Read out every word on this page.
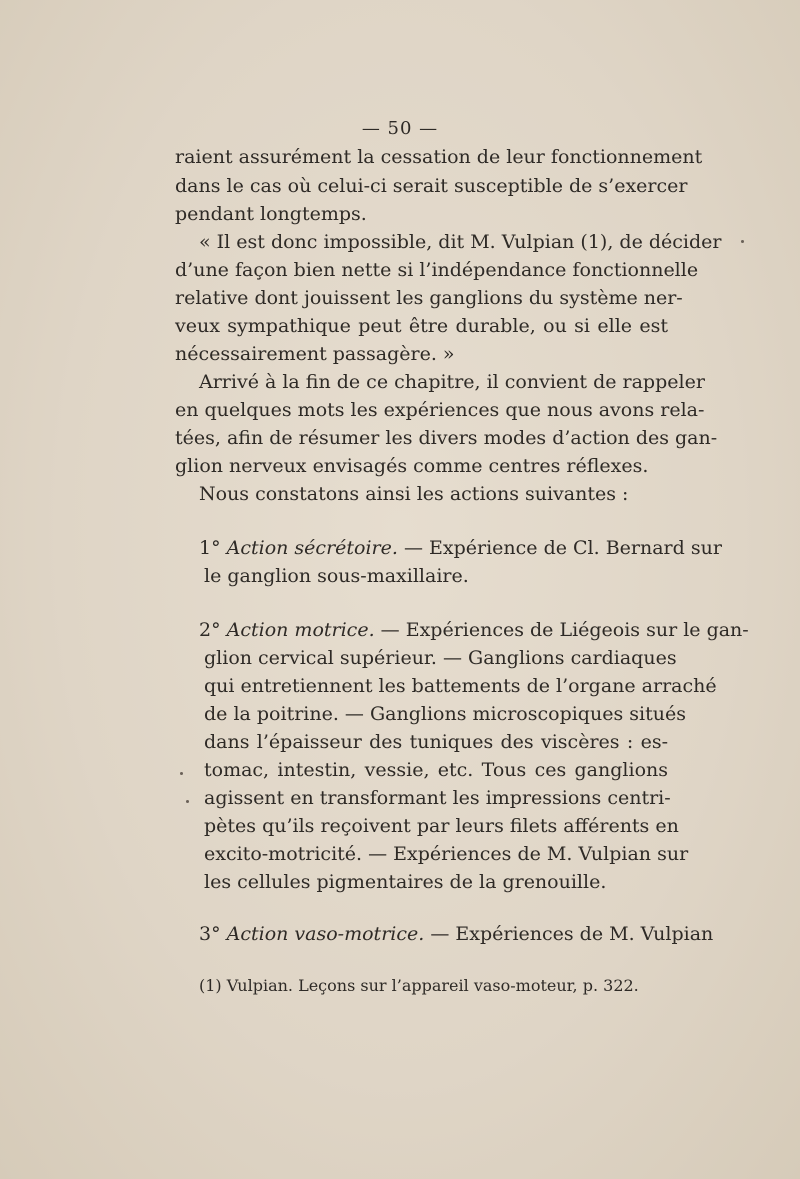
— 50 —
raient assurément la cessation de leur fonctionnement
dans le cas où celui-ci serait susceptible de s’exercer
pendant longtemps.
« Il est donc impossible, dit M. Vulpian (1), de décider
d’une façon bien nette si l’indépendance fonctionnelle
relative dont jouissent les ganglions du système ner-
veux sympathique peut être durable, ou si elle est
nécessairement passagère. »
Arrivé à la fin de ce chapitre, il convient de rappeler
en quelques mots les expériences que nous avons rela-
tées, afin de résumer les divers modes d’action des gan-
glion nerveux envisagés comme centres réflexes.
Nous constatons ainsi les actions suivantes :
1° Action sécrétoire. — Expérience de Cl. Bernard sur
le ganglion sous-maxillaire.
2° Action motrice. — Expériences de Liégeois sur le gan-
glion cervical supérieur. — Ganglions cardiaques
qui entretiennent les battements de l’organe arraché
de la poitrine. — Ganglions microscopiques situés
dans l’épaisseur des tuniques des viscères : es-
tomac, intestin, vessie, etc. Tous ces ganglions
agissent en transformant les impressions centri-
pètes qu’ils reçoivent par leurs filets afférents en
excito-motricité. — Expériences de M. Vulpian sur
les cellules pigmentaires de la grenouille.
3° Action vaso-motrice. — Expériences de M. Vulpian
(1) Vulpian. Leçons sur l’appareil vaso-moteur, p. 322.
